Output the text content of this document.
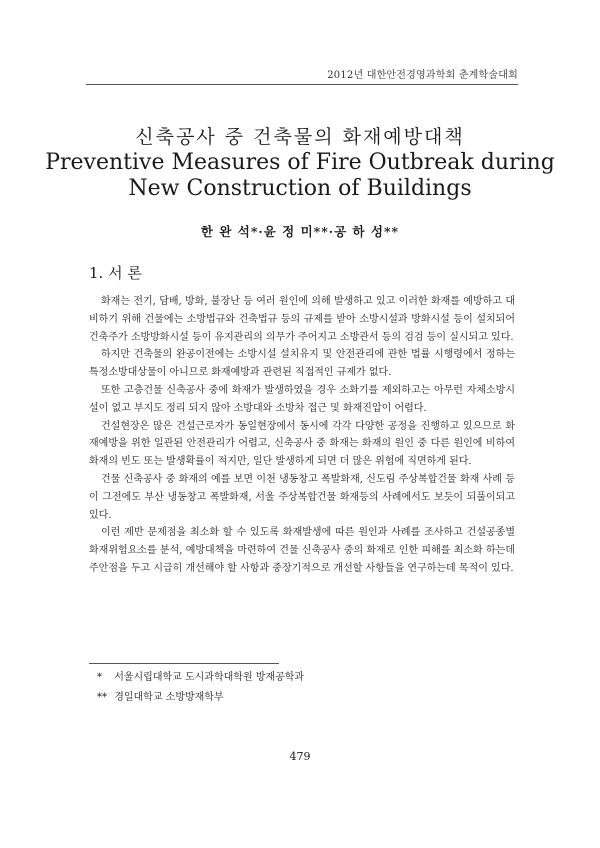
2012년 대한안전경영과학회 춘계학술대회
신축공사 중 건축물의 화재예방대책
Preventive Measures of Fire Outbreak during
New Construction of Buildings
한 완 석*·윤 정 미**·공 하 성**
1. 서 론

화재는 전기, 담배, 방화, 불장난 등 여러 원인에 의해 발생하고 있고 이러한 화재를 예방하고 대비하기 위해 건물에는 소방법규와 건축법규 등의 규제를 받아 소방시설과 방화시설 등이 설치되어 건축주가 소방방화시설 등이 유지관리의 의무가 주어지고 소방관서 등의 검검 등이 실시되고 있다.

하지만 건축물의 완공이전에는 소방시설 설치유지 및 안전관리에 관한 법률 시행령에서 정하는 특정소방대상물이 아니므로 화재예방과 관련된 직접적인 규제가 없다.

또한 고층건물 신축공사 중에 화재가 발생하였을 경우 소화기를 제외하고는 아무런 자체소방시설이 없고 부지도 정리 되지 않아 소방대와 소방차 접근 및 화재진압이 어렵다.

건설현장은 많은 건설근로자가 동일현장에서 동시에 각각 다양한 공정을 진행하고 있으므로 화재예방을 위한 일관된 안전관리가 어렵고, 신축공사 중 화재는 화재의 원인 중 다른 원인에 비하여 화재의 빈도 또는 발생확률이 적지만, 일단 발생하게 되면 더 많은 위험에 직면하게 된다.

건물 신축공사 중 화재의 예를 보면 이천 냉동창고 폭발화재, 신도림 주상복합건물 화재 사례 등이 그전에도 부산 냉동창고 폭발화재, 서울 주상복합건물 화재등의 사례에서도 보듯이 되풀이되고 있다.

이런 제반 문제점을 최소화 할 수 있도록 화재발생에 따른 원인과 사례를 조사하고 건설공종별 화재위험요소를 분석, 예방대책을 마련하여 건물 신축공사 중의 화재로 인한 피해를 최소화 하는데 주안점을 두고 시급히 개선해야 할 사항과 중장기적으로 개선할 사항들을 연구하는데 목적이 있다.

* 서울시립대학교 도시과학대학원 방재공학과
** 경일대학교 소방방재학부
479
